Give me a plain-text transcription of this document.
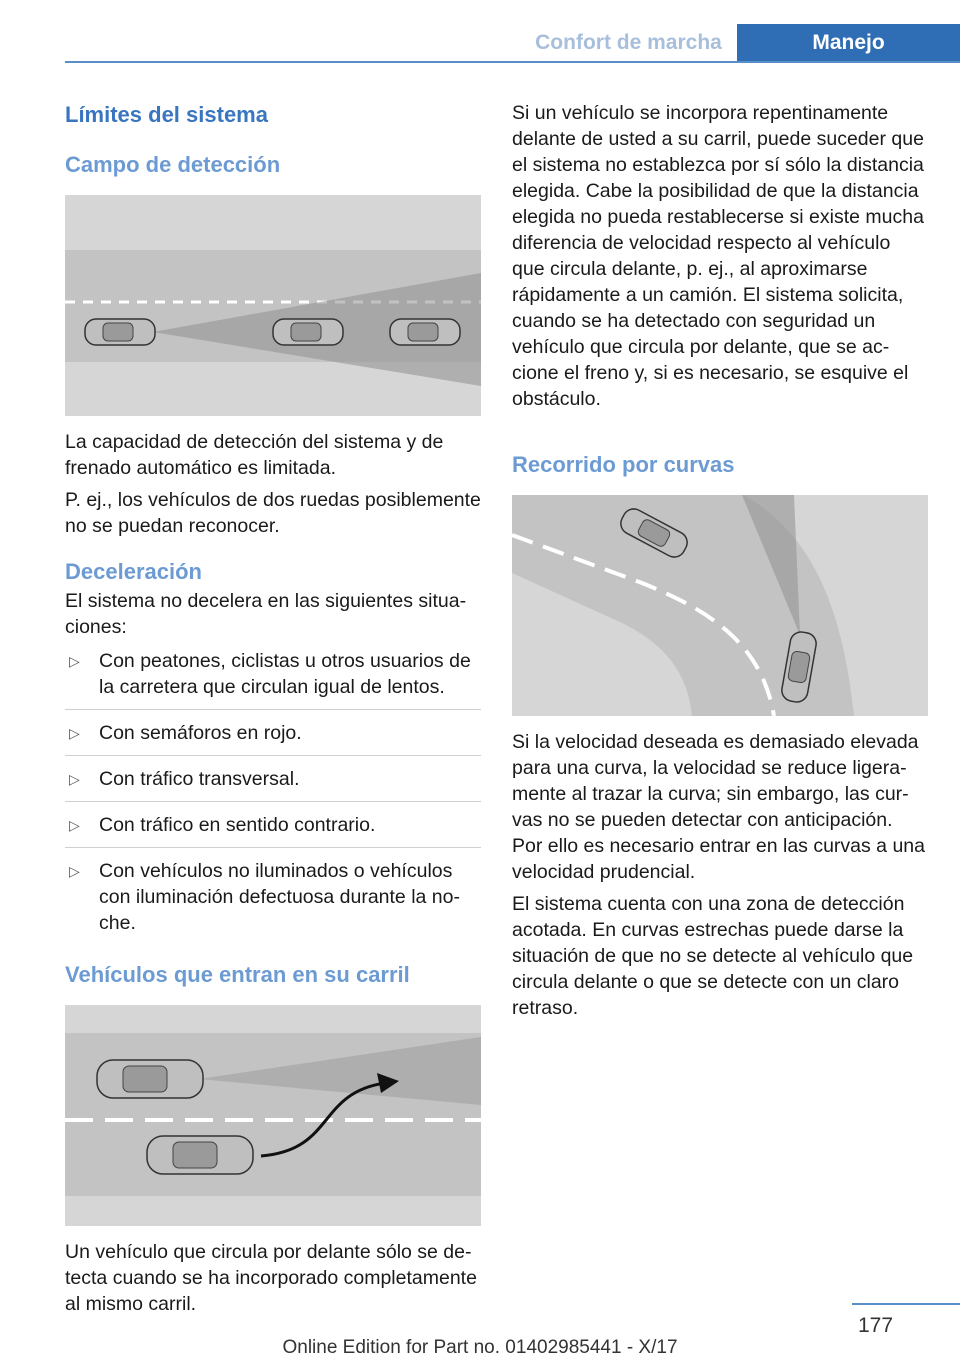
Confort de marcha	Manejo
Límites del sistema
Campo de detección

La capacidad de detección del sistema y de frenado automático es limitada.

P. ej., los vehículos de dos ruedas posiblemente no se puedan reconocer.

Deceleración

El sistema no decelera en las siguientes situaciones:

▷ Con peatones, ciclistas u otros usuarios de la carretera que circulan igual de lentos.
▷ Con semáforos en rojo.
▷ Con tráfico transversal.
▷ Con tráfico en sentido contrario.
▷ Con vehículos no iluminados o vehículos con iluminación defectuosa durante la noche.
Vehículos que entran en su carril

Un vehículo que circula por delante sólo se detecta cuando se ha incorporado completamente al mismo carril.

Si un vehículo se incorpora repentinamente delante de usted a su carril, puede suceder que el sistema no establezca por sí sólo la distancia elegida. Cabe la posibilidad de que la distancia elegida no pueda restablecerse si existe mucha diferencia de velocidad respecto al vehículo que circula delante, p. ej., al aproximarse rápidamente a un camión. El sistema solicita, cuando se ha detectado con seguridad un vehículo que circula por delante, que se accione el freno y, si es necesario, se esquive el obstáculo.

Recorrido por curvas

Si la velocidad deseada es demasiado elevada para una curva, la velocidad se reduce ligeramente al trazar la curva; sin embargo, las curvas no se pueden detectar con anticipación. Por ello es necesario entrar en las curvas a una velocidad prudencial.

El sistema cuenta con una zona de detección acotada. En curvas estrechas puede darse la situación de que no se detecte al vehículo que circula delante o que se detecte con un claro retraso.

177
Online Edition for Part no. 01402985441 - X/17
